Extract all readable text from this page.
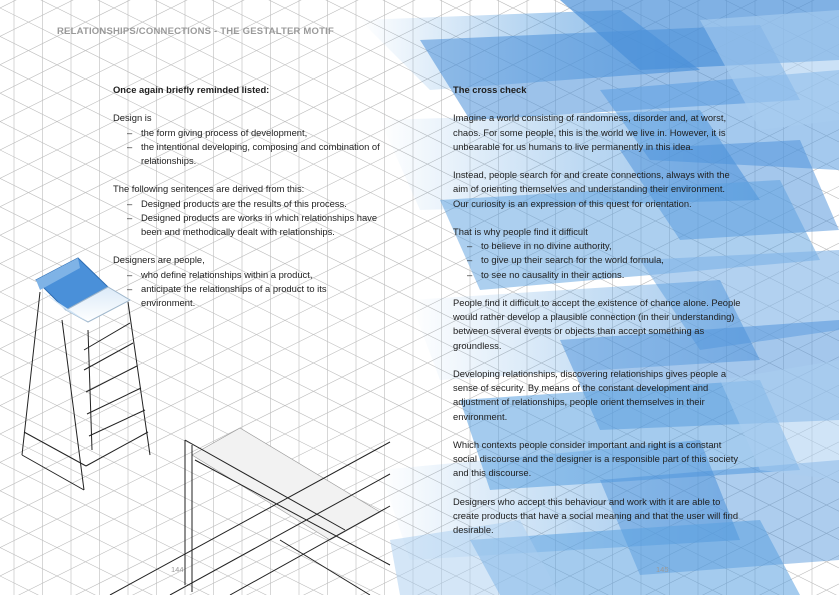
RELATIONSHIPS/CONNECTIONS - THE GESTALTER MOTIF

Once again briefly reminded listed:

Design is
– the form giving process of development,
– the intentional developing, composing and combination of relationships.
The following sentences are derived from this:
– Designed products are the results of this process.
– Designed products are works in which relationships have been and methodically dealt with relationships.
Designers are people,
– who define relationships within a product,
– anticipate the relationships of a product to its environment.

The cross check

Imagine a world consisting of randomness, disorder and, at worst, chaos. For some people, this is the world we live in. However, it is unbearable for us humans to live permanently in this idea.

Instead, people search for and create connections, always with the aim of orienting themselves and understanding their environment. Our curiosity is an expression of this quest for orientation.

That is why people find it difficult
– to believe in no divine authority,
– to give up their search for the world formula,
– to see no causality in their actions.

People find it difficult to accept the existence of chance alone. People would rather develop a plausible connection (in their understanding) between several events or objects than accept something as groundless.

Developing relationships, discovering relationships gives people a sense of security. By means of the constant development and adjustment of relationships, people orient themselves in their environment.

Which contexts people consider important and right is a constant social discourse and the designer is a responsible part of this society and this discourse.

Designers who accept this behaviour and work with it are able to create products that have a social meaning and that the user will find desirable.

144	145
